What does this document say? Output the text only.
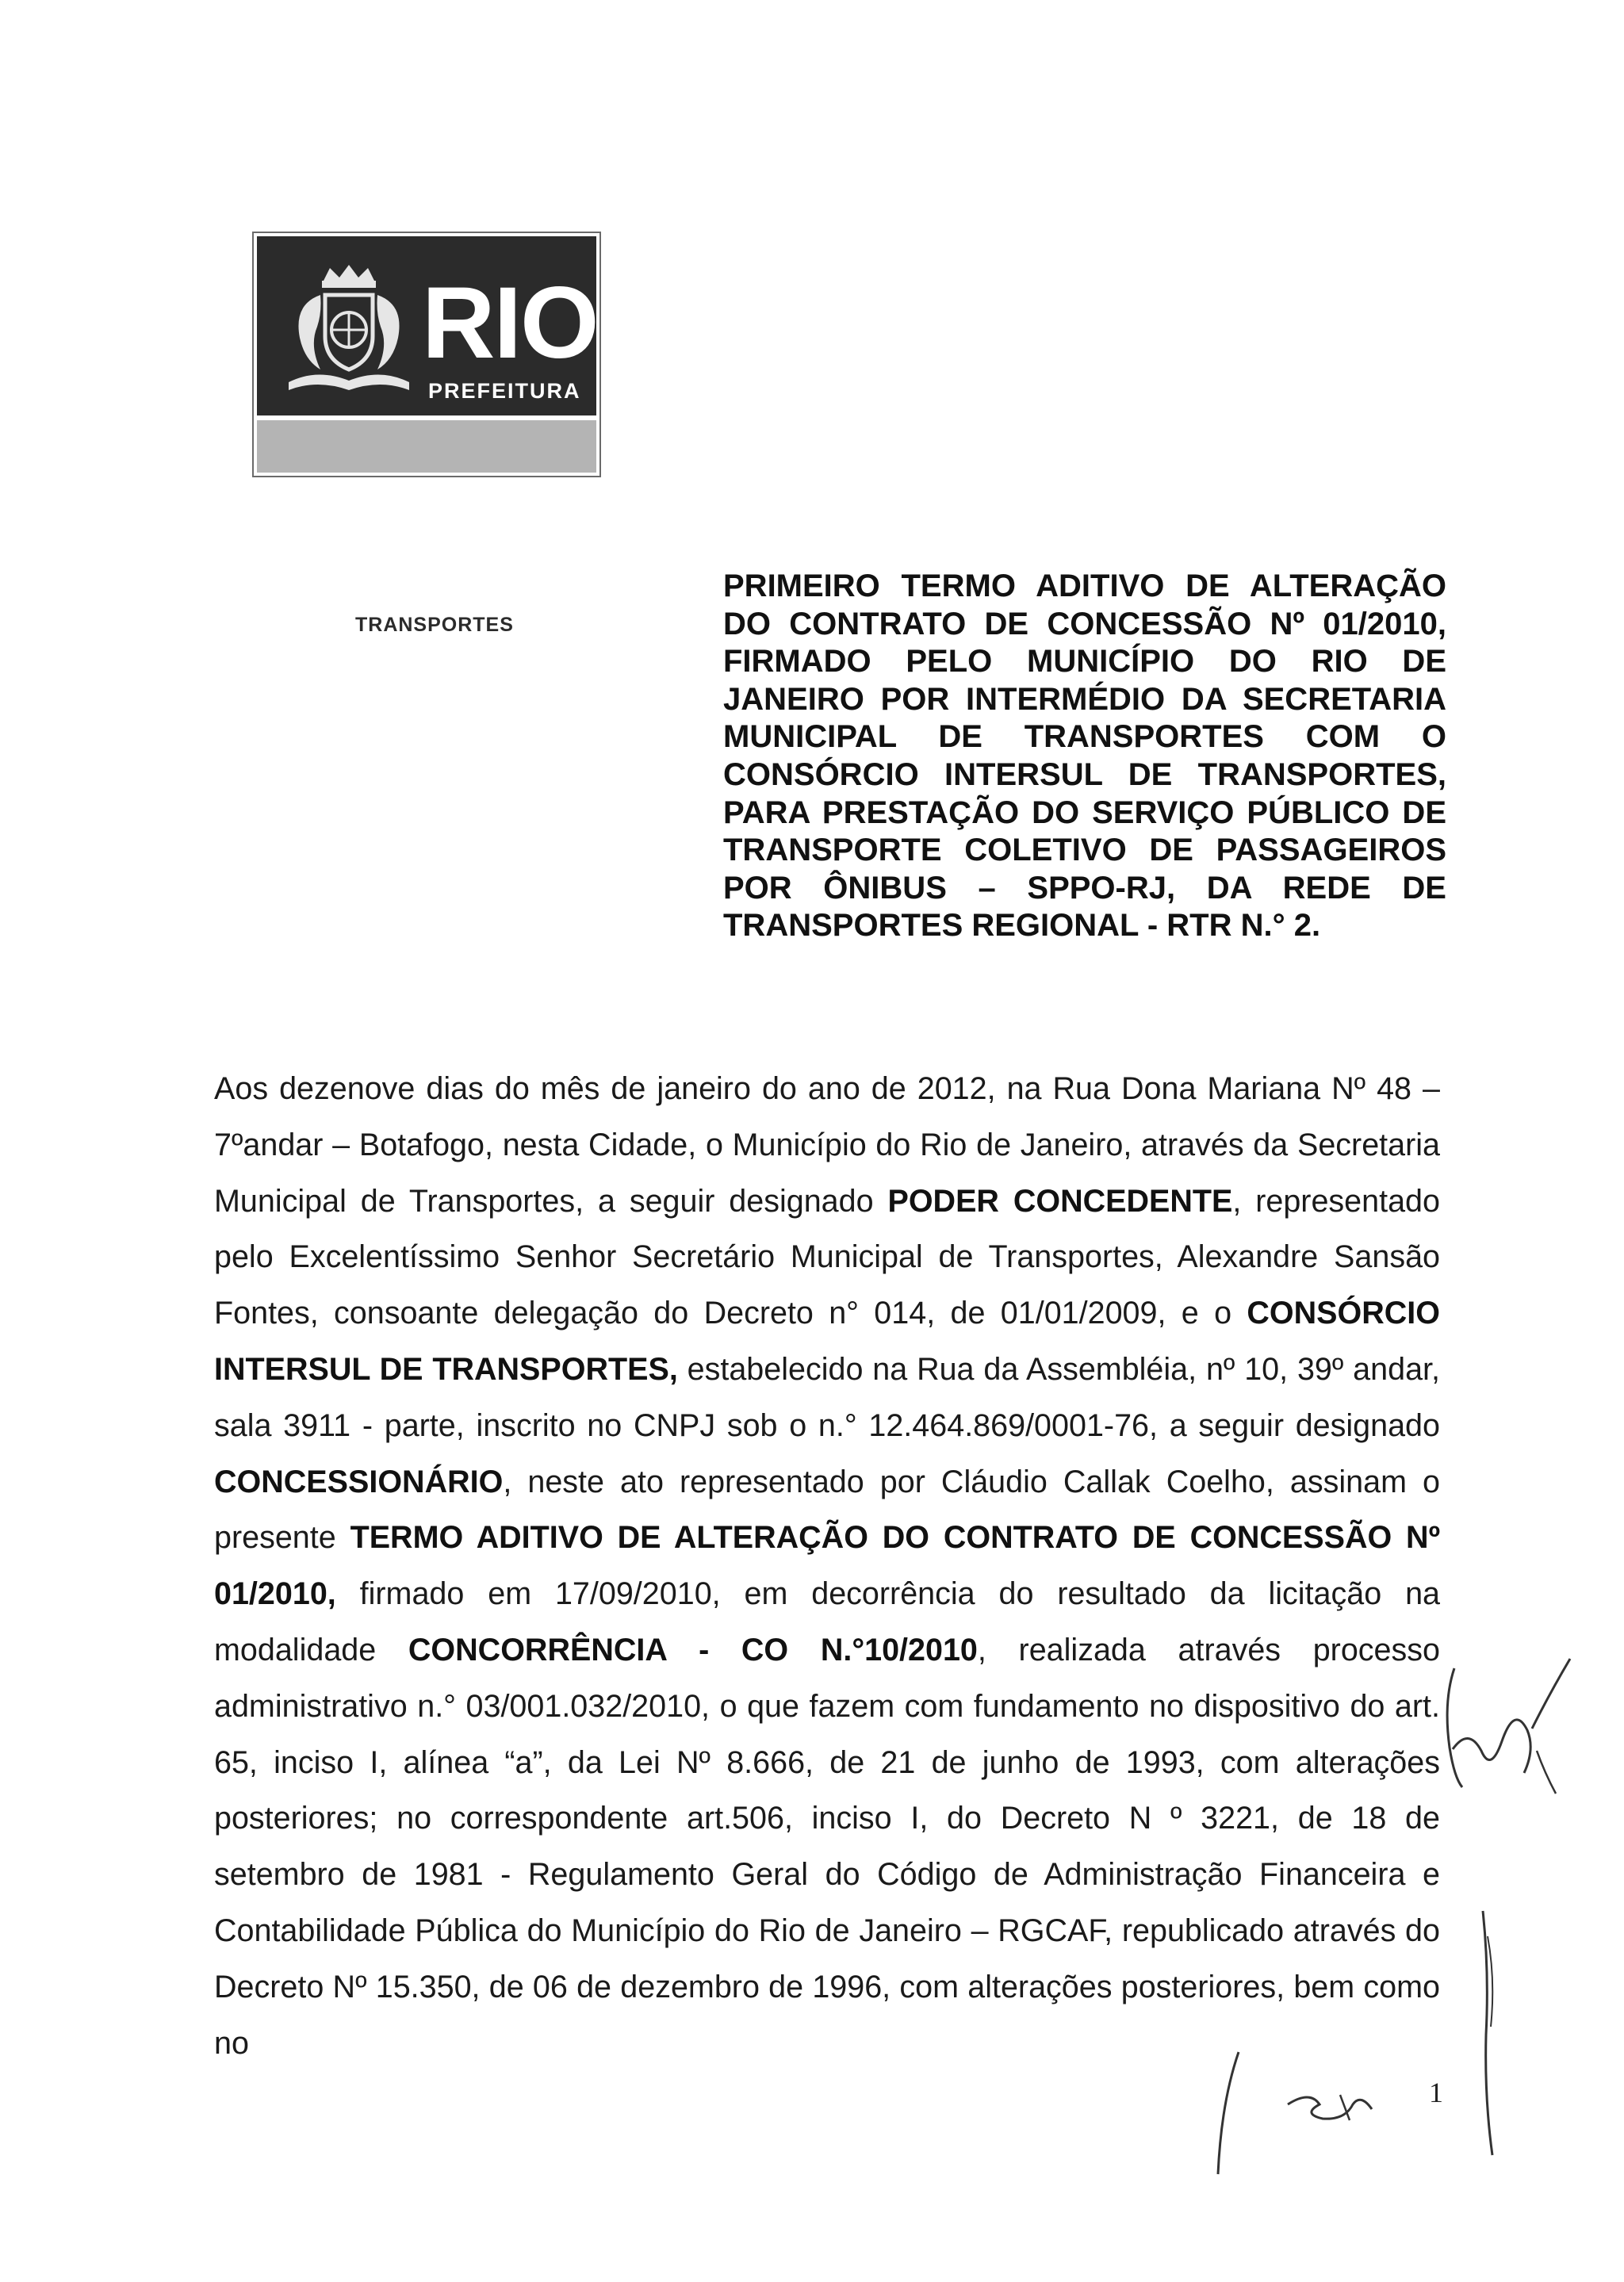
RIO
PREFEITURA
TRANSPORTES
PRIMEIRO TERMO ADITIVO DE ALTERAÇÃO DO CONTRATO DE CONCESSÃO Nº 01/2010, FIRMADO PELO MUNICÍPIO DO RIO DE JANEIRO POR INTERMÉDIO DA SECRETARIA MUNICIPAL DE TRANSPORTES COM O CONSÓRCIO INTERSUL DE TRANSPORTES, PARA PRESTAÇÃO DO SERVIÇO PÚBLICO DE TRANSPORTE COLETIVO DE PASSAGEIROS POR ÔNIBUS – SPPO-RJ, DA REDE DE TRANSPORTES REGIONAL - RTR N.° 2.
Aos dezenove dias do mês de janeiro do ano de 2012, na Rua Dona Mariana Nº 48 – 7ºandar – Botafogo, nesta Cidade, o Município do Rio de Janeiro, através da Secretaria Municipal de Transportes, a seguir designado PODER CONCEDENTE, representado pelo Excelentíssimo Senhor Secretário Municipal de Transportes, Alexandre Sansão Fontes, consoante delegação do Decreto n° 014, de 01/01/2009, e o CONSÓRCIO INTERSUL DE TRANSPORTES, estabelecido na Rua da Assembléia, nº 10, 39º andar, sala 3911 - parte, inscrito no CNPJ sob o n.° 12.464.869/0001-76, a seguir designado CONCESSIONÁRIO, neste ato representado por Cláudio Callak Coelho, assinam o presente TERMO ADITIVO DE ALTERAÇÃO DO CONTRATO DE CONCESSÃO Nº 01/2010, firmado em 17/09/2010, em decorrência do resultado da licitação na modalidade CONCORRÊNCIA - CO N.°10/2010, realizada através processo administrativo n.° 03/001.032/2010, o que fazem com fundamento no dispositivo do art. 65, inciso I, alínea “a”, da Lei Nº 8.666, de 21 de junho de 1993, com alterações posteriores; no correspondente art.506, inciso I, do Decreto N º 3221, de 18 de setembro de 1981 - Regulamento Geral do Código de Administração Financeira e Contabilidade Pública do Município do Rio de Janeiro – RGCAF, republicado através do Decreto Nº 15.350, de 06 de dezembro de 1996, com alterações posteriores, bem como no
1
